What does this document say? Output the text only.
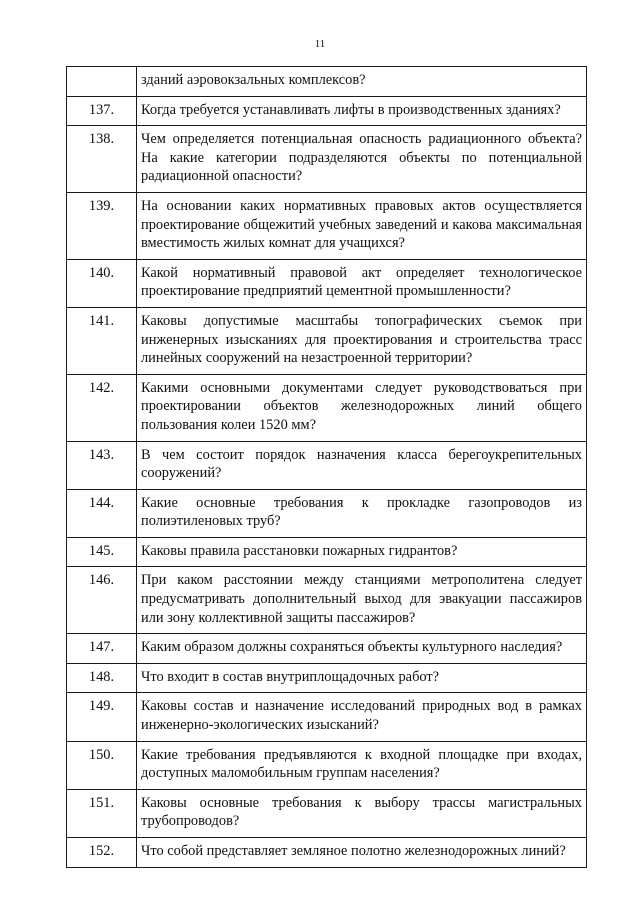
11
	зданий аэровокзальных комплексов?
137.	Когда требуется устанавливать лифты в производственных зданиях?
138.	Чем определяется потенциальная опасность радиационного объекта? На какие категории подразделяются объекты по потенциальной радиационной опасности?
139.	На основании каких нормативных правовых актов осуществляется проектирование общежитий учебных заведений и какова максимальная вместимость жилых комнат для учащихся?
140.	Какой нормативный правовой акт определяет технологическое проектирование предприятий цементной промышленности?
141.	Каковы допустимые масштабы топографических съемок при инженерных изысканиях для проектирования и строительства трасс линейных сооружений на незастроенной территории?
142.	Какими основными документами следует руководствоваться при проектировании объектов железнодорожных линий общего пользования колеи 1520 мм?
143.	В чем состоит порядок назначения класса берегоукрепительных сооружений?
144.	Какие основные требования к прокладке газопроводов из полиэтиленовых труб?
145.	Каковы правила расстановки пожарных гидрантов?
146.	При каком расстоянии между станциями метрополитена следует предусматривать дополнительный выход для эвакуации пассажиров или зону коллективной защиты пассажиров?
147.	Каким образом должны сохраняться объекты культурного наследия?
148.	Что входит в состав внутриплощадочных работ?
149.	Каковы состав и назначение исследований природных вод в рамках инженерно-экологических изысканий?
150.	Какие требования предъявляются к входной площадке при входах, доступных маломобильным группам населения?
151.	Каковы основные требования к выбору трассы магистральных трубопроводов?
152.	Что собой представляет земляное полотно железнодорожных линий?
